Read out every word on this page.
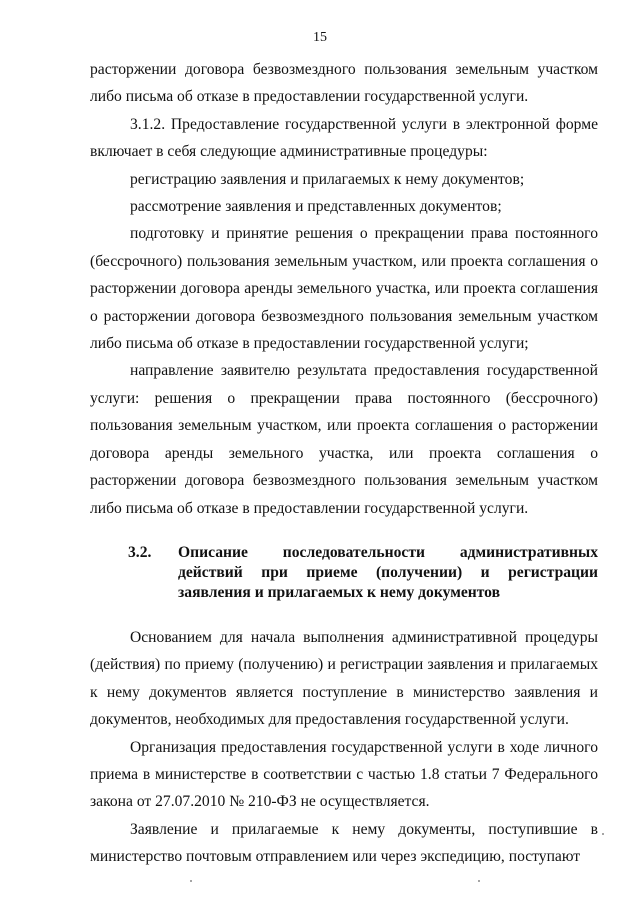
15

расторжении договора безвозмездного пользования земельным участком либо письма об отказе в предоставлении государственной услуги.

3.1.2. Предоставление государственной услуги в электронной форме включает в себя следующие административные процедуры:

регистрацию заявления и прилагаемых к нему документов;

рассмотрение заявления и представленных документов;

подготовку и принятие решения о прекращении права постоянного (бессрочного) пользования земельным участком, или проекта соглашения о расторжении договора аренды земельного участка, или проекта соглашения о расторжении договора безвозмездного пользования земельным участком либо письма об отказе в предоставлении государственной услуги;

направление заявителю результата предоставления государственной услуги: решения о прекращении права постоянного (бессрочного) пользования земельным участком, или проекта соглашения о расторжении договора аренды земельного участка, или проекта соглашения о расторжении договора безвозмездного пользования земельным участком либо письма об отказе в предоставлении государственной услуги.

3.2.	Описание последовательности административных действий при приеме (получении) и регистрации заявления и прилагаемых к нему документов

Основанием для начала выполнения административной процедуры (действия) по приему (получению) и регистрации заявления и прилагаемых к нему документов является поступление в министерство заявления и документов, необходимых для предоставления государственной услуги.

Организация предоставления государственной услуги в ходе личного приема в министерстве в соответствии с частью 1.8 статьи 7 Федерального закона от 27.07.2010 № 210-ФЗ не осуществляется.

Заявление и прилагаемые к нему документы, поступившие в министерство почтовым отправлением или через экспедицию, поступают
